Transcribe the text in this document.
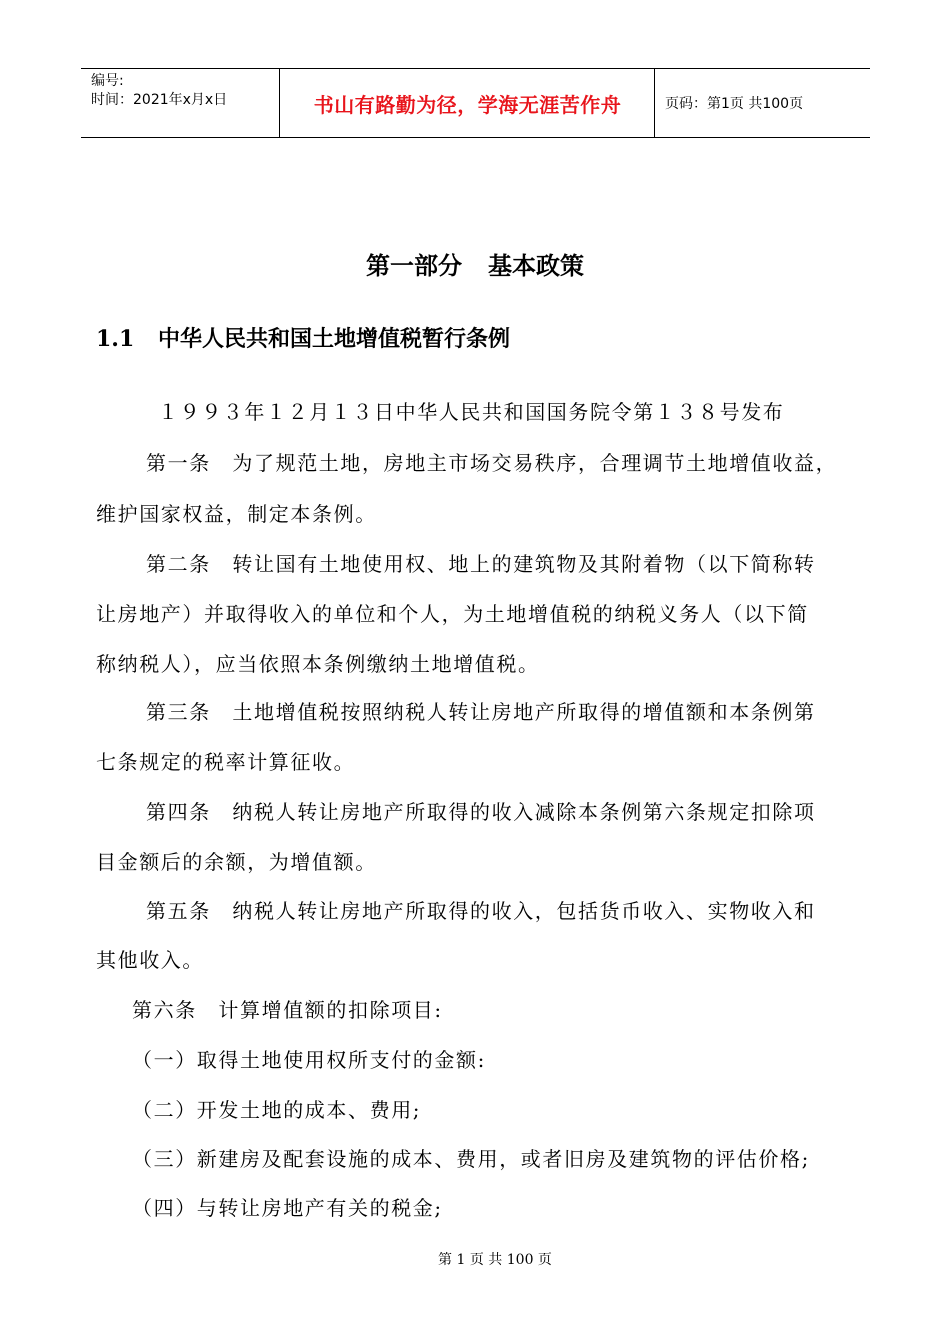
编号:
时间：2021年x月x日	书山有路勤为径，学海无涯苦作舟	页码：第1页 共100页
第一部分 基本政策
1.1 中华人民共和国土地增值税暂行条例
１９９３年１２月１３日中华人民共和国国务院令第１３８号发布
第一条　为了规范土地，房地主市场交易秩序，合理调节土地增值收益，
维护国家权益，制定本条例。
第二条　转让国有土地使用权、地上的建筑物及其附着物（以下简称转
让房地产）并取得收入的单位和个人，为土地增值税的纳税义务人（以下简
称纳税人），应当依照本条例缴纳土地增值税。
第三条　土地增值税按照纳税人转让房地产所取得的增值额和本条例第
七条规定的税率计算征收。
第四条　纳税人转让房地产所取得的收入减除本条例第六条规定扣除项
目金额后的余额，为增值额。
第五条　纳税人转让房地产所取得的收入，包括货币收入、实物收入和
其他收入。
第六条　计算增值额的扣除项目:
（一）取得土地使用权所支付的金额:
（二）开发土地的成本、费用;
（三）新建房及配套设施的成本、费用，或者旧房及建筑物的评估价格;
（四）与转让房地产有关的税金;
第 1 页 共 100 页
